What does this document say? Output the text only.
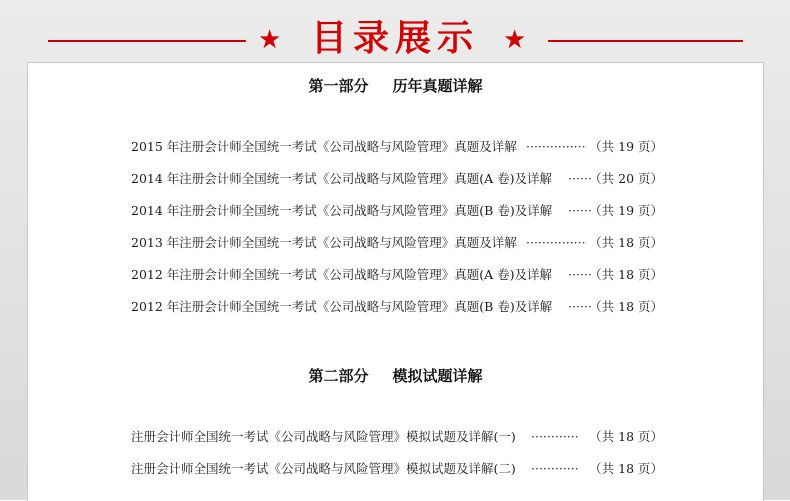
★ 目录展示 ★
第一部分 历年真题详解
2015 年注册会计师全国统一考试《公司战略与风险管理》真题及详解 ··············· （共 19 页）
2014 年注册会计师全国统一考试《公司战略与风险管理》真题(A 卷)及详解 ······
（共 20 页）
2014 年注册会计师全国统一考试《公司战略与风险管理》真题(B 卷)及详解 ······
（共 19 页）
2013 年注册会计师全国统一考试《公司战略与风险管理》真题及详解 ··············· （共 18 页）
2012 年注册会计师全国统一考试《公司战略与风险管理》真题(A 卷)及详解 ······
（共 18 页）
2012 年注册会计师全国统一考试《公司战略与风险管理》真题(B 卷)及详解 ······
（共 18 页）
第二部分 模拟试题详解
注册会计师全国统一考试《公司战略与风险管理》模拟试题及详解(一) ············ （共 18 页）
注册会计师全国统一考试《公司战略与风险管理》模拟试题及详解(二) ············ （共 18 页）
